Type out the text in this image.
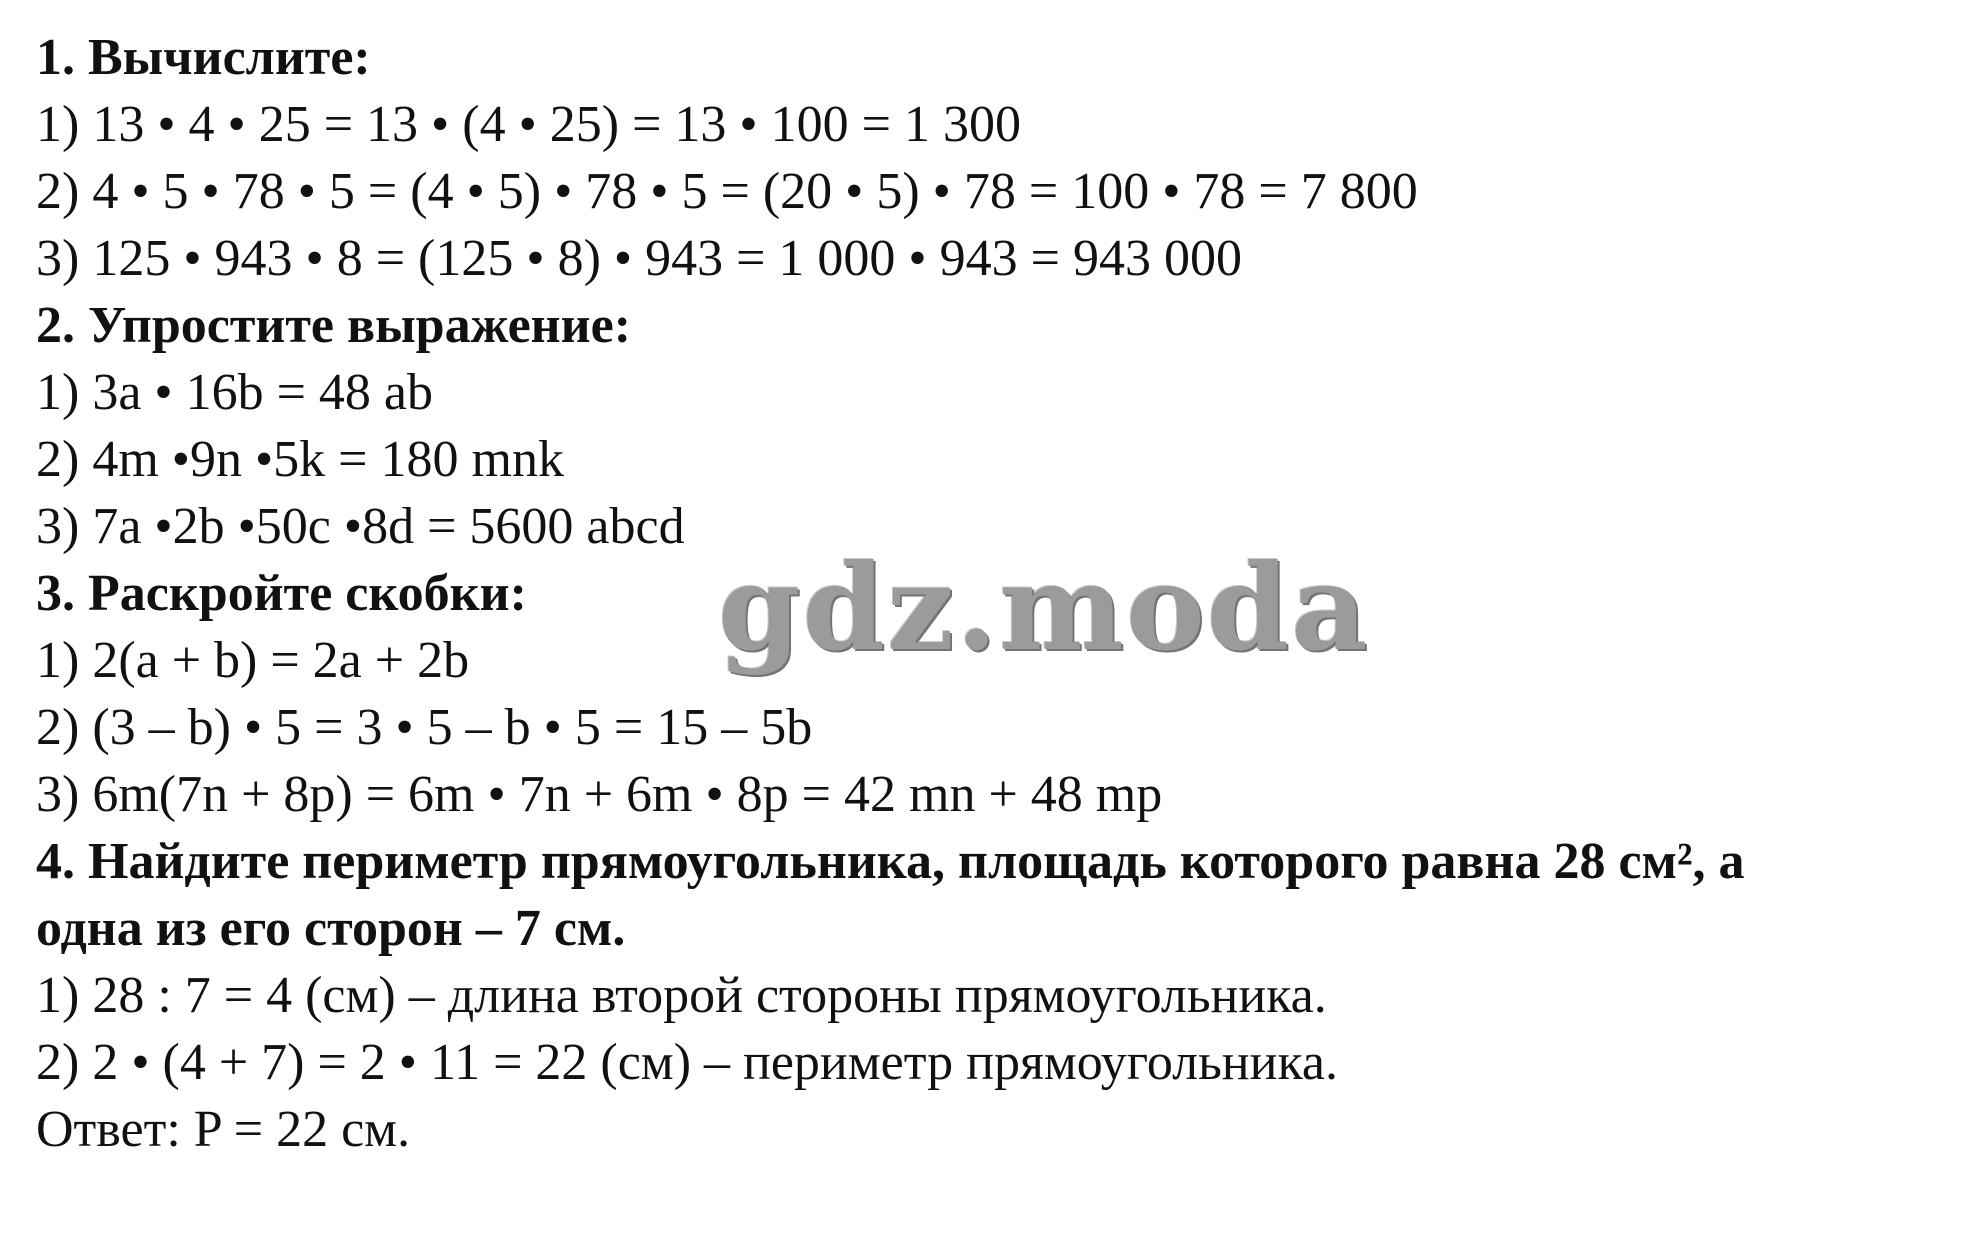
1. Вычислите:
1) 13 • 4 • 25 = 13 • (4 • 25) = 13 • 100 = 1 300
2) 4 • 5 • 78 • 5 = (4 • 5) • 78 • 5 = (20 • 5) • 78 = 100 • 78 = 7 800
3) 125 • 943 • 8 = (125 • 8) • 943 = 1 000 • 943 = 943 000
2. Упростите выражение:
1) 3a • 16b = 48 ab
2) 4m •9n •5k = 180 mnk
3) 7a •2b •50c •8d = 5600 abcd
3. Раскройте скобки:
1) 2(a + b) = 2a + 2b
2) (3 – b) • 5 = 3 • 5 – b • 5 = 15 – 5b
3) 6m(7n + 8p) = 6m • 7n + 6m • 8p = 42 mn + 48 mp
4. Найдите периметр прямоугольника, площадь которого равна 28 см², а
одна из его сторон – 7 см.
1) 28 : 7 = 4 (см) – длина второй стороны прямоугольника.
2) 2 • (4 + 7) = 2 • 11 = 22 (см) – периметр прямоугольника.
Ответ: P = 22 см.
gdz.moda
